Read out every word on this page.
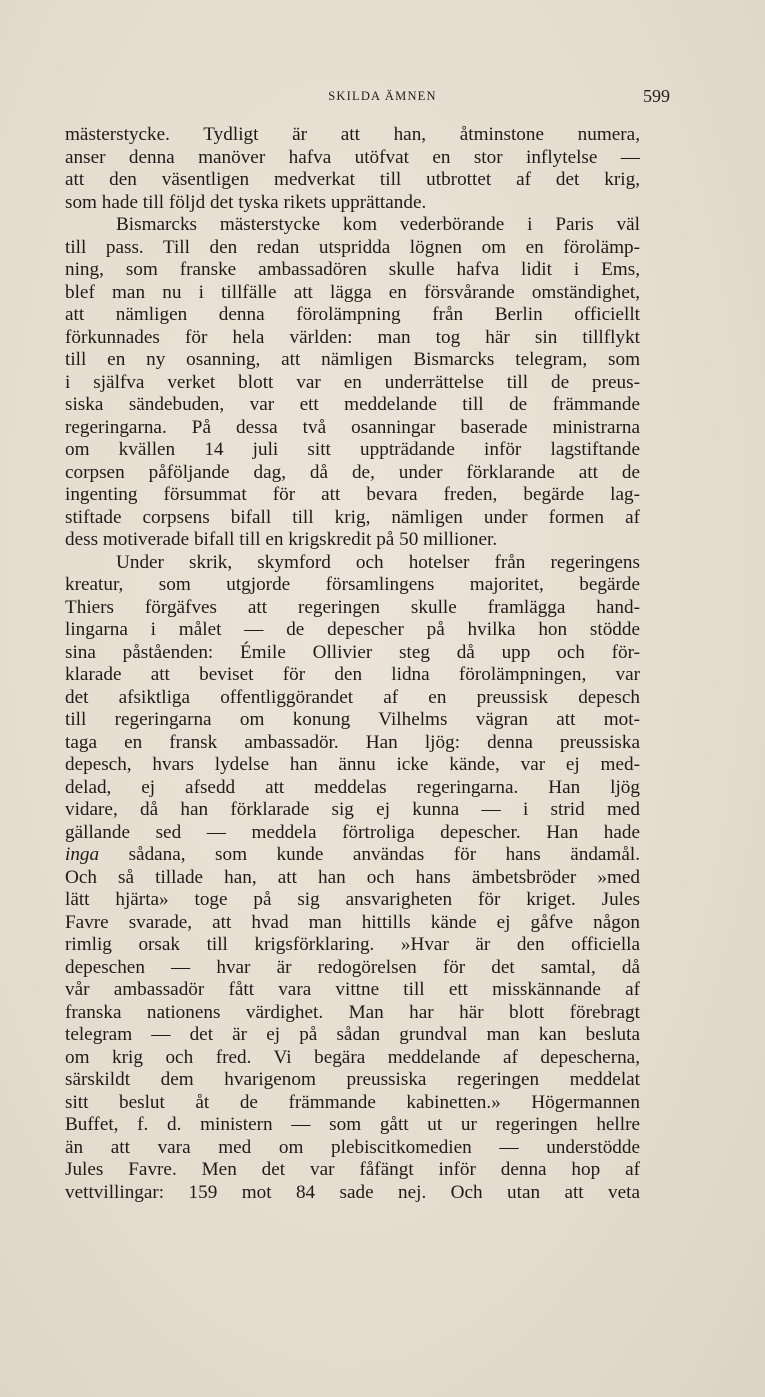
SKILDA ÄMNEN	599
mästerstycke. Tydligt är att han, åtminstone numera,
anser denna manöver hafva utöfvat en stor inflytelse —
att den väsentligen medverkat till utbrottet af det krig,
som hade till följd det tyska rikets upprättande.
Bismarcks mästerstycke kom vederbörande i Paris väl
till pass. Till den redan utspridda lögnen om en förolämp-
ning, som franske ambassadören skulle hafva lidit i Ems,
blef man nu i tillfälle att lägga en försvårande omständighet,
att nämligen denna förolämpning från Berlin officiellt
förkunnades för hela världen: man tog här sin tillflykt
till en ny osanning, att nämligen Bismarcks telegram, som
i själfva verket blott var en underrättelse till de preus-
siska sändebuden, var ett meddelande till de främmande
regeringarna. På dessa två osanningar baserade ministrarna
om kvällen 14 juli sitt uppträdande inför lagstiftande
corpsen påföljande dag, då de, under förklarande att de
ingenting försummat för att bevara freden, begärde lag-
stiftade corpsens bifall till krig, nämligen under formen af
dess motiverade bifall till en krigskredit på 50 millioner.
Under skrik, skymford och hotelser från regeringens
kreatur, som utgjorde församlingens majoritet, begärde
Thiers förgäfves att regeringen skulle framlägga hand-
lingarna i målet — de depescher på hvilka hon stödde
sina påståenden: Émile Ollivier steg då upp och för-
klarade att beviset för den lidna förolämpningen, var
det afsiktliga offentliggörandet af en preussisk depesch
till regeringarna om konung Vilhelms vägran att mot-
taga en fransk ambassadör. Han ljög: denna preussiska
depesch, hvars lydelse han ännu icke kände, var ej med-
delad, ej afsedd att meddelas regeringarna. Han ljög
vidare, då han förklarade sig ej kunna — i strid med
gällande sed — meddela förtroliga depescher. Han hade
inga sådana, som kunde användas för hans ändamål.
Och så tillade han, att han och hans ämbetsbröder »med
lätt hjärta» toge på sig ansvarigheten för kriget. Jules
Favre svarade, att hvad man hittills kände ej gåfve någon
rimlig orsak till krigsförklaring. »Hvar är den officiella
depeschen — hvar är redogörelsen för det samtal, då
vår ambassadör fått vara vittne till ett misskännande af
franska nationens värdighet. Man har här blott förebragt
telegram — det är ej på sådan grundval man kan besluta
om krig och fred. Vi begära meddelande af depescherna,
särskildt dem hvarigenom preussiska regeringen meddelat
sitt beslut åt de främmande kabinetten.» Högermannen
Buffet, f. d. ministern — som gått ut ur regeringen hellre
än att vara med om plebiscitkomedien — understödde
Jules Favre. Men det var fåfängt inför denna hop af
vettvillingar: 159 mot 84 sade nej. Och utan att veta
